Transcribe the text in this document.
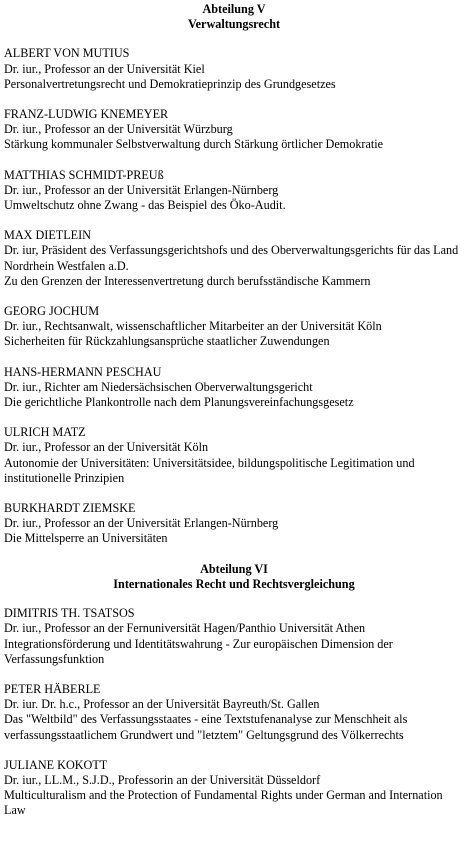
Abteilung V
Verwaltungsrecht
ALBERT VON MUTIUS
Dr. iur., Professor an der Universität Kiel
Personalvertretungsrecht und Demokratieprinzip des Grundgesetzes
FRANZ-LUDWIG KNEMEYER
Dr. iur., Professor an der Universität Würzburg
Stärkung kommunaler Selbstverwaltung durch Stärkung örtlicher Demokratie
MATTHIAS SCHMIDT-PREUß
Dr. iur., Professor an der Universität Erlangen-Nürnberg
Umweltschutz ohne Zwang - das Beispiel des Öko-Audit.
MAX DIETLEIN
Dr. iur, Präsident des Verfassungsgerichtshofs und des Oberverwaltungsgerichts für das Land Nordrhein Westfalen a.D.
Zu den Grenzen der Interessenvertretung durch berufsständische Kammern
GEORG JOCHUM
Dr. iur., Rechtsanwalt, wissenschaftlicher Mitarbeiter an der Universität Köln
Sicherheiten für Rückzahlungsansprüche staatlicher Zuwendungen
HANS-HERMANN PESCHAU
Dr. iur., Richter am Niedersächsischen Oberverwaltungsgericht
Die gerichtliche Plankontrolle nach dem Planungsvereinfachungsgesetz
ULRICH MATZ
Dr. iur., Professor an der Universität Köln
Autonomie der Universitäten: Universitätsidee, bildungspolitische Legitimation und institutionelle Prinzipien
BURKHARDT ZIEMSKE
Dr. iur., Professor an der Universität Erlangen-Nürnberg
Die Mittelsperre an Universitäten
Abteilung VI
Internationales Recht und Rechtsvergleichung
DIMITRIS TH. TSATSOS
Dr. iur., Professor an der Fernuniversität Hagen/Panthio Universität Athen
Integrationsförderung und Identitätswahrung - Zur europäischen Dimension der Verfassungsfunktion
PETER HÄBERLE
Dr. iur. Dr. h.c., Professor an der Universität Bayreuth/St. Gallen
Das "Weltbild" des Verfassungsstaates - eine Textstufenanalyse zur Menschheit als verfassungsstaatlichem Grundwert und "letztem" Geltungsgrund des Völkerrechts
JULIANE KOKOTT
Dr. iur., LL.M., S.J.D., Professorin an der Universität Düsseldorf
Multiculturalism and the Protection of Fundamental Rights under German and Internation Law
